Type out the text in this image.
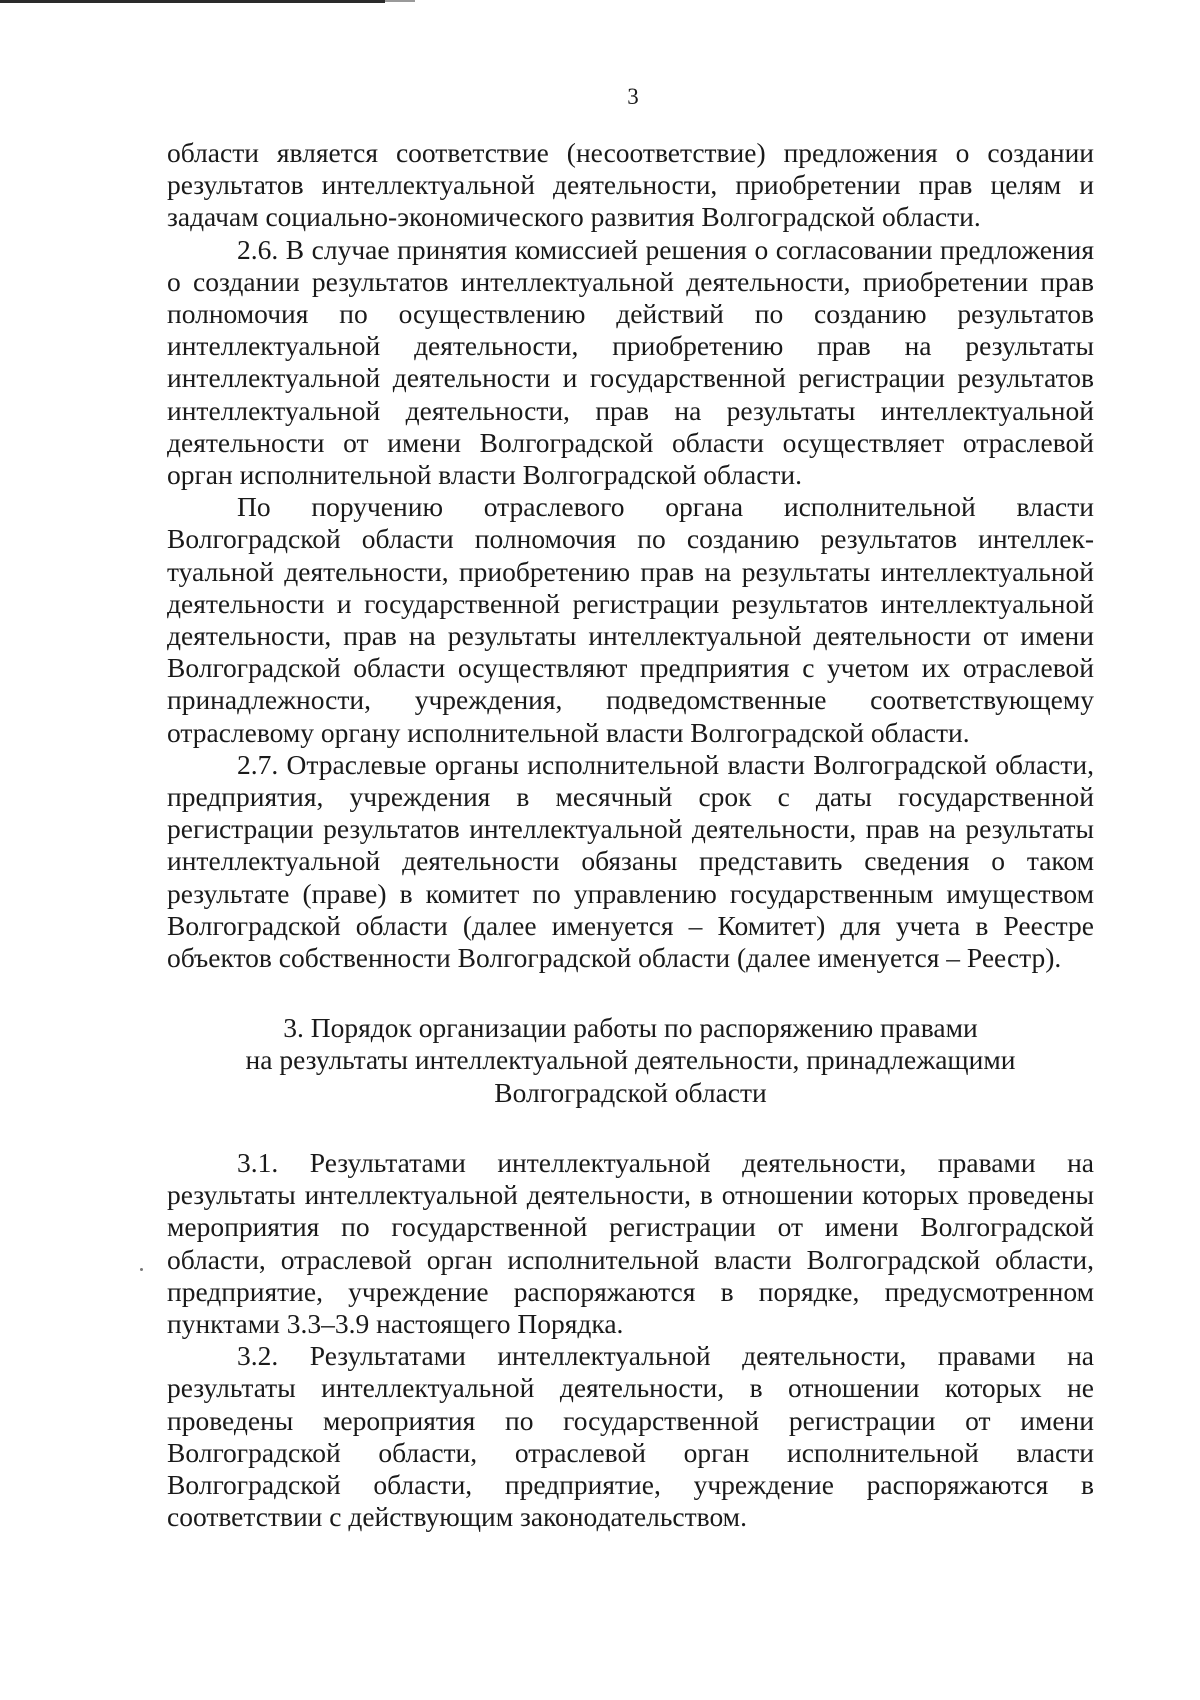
3

области является соответствие (несоответствие) предложения о создании результатов интеллектуальной деятельности, приобретении прав целям и задачам социально-экономического развития Волгоградской области.

2.6. В случае принятия комиссией решения о согласовании предложения о создании результатов интеллектуальной деятельности, приобретении прав полномочия по осуществлению действий по созданию результатов интеллектуальной деятельности, приобретению прав на результаты интеллектуальной деятельности и государственной регистрации результатов интеллектуальной деятельности, прав на результаты интеллектуальной деятельности от имени Волгоградской области осуществляет отраслевой орган исполнительной власти Волгоградской области.

По поручению отраслевого органа исполнительной власти Волгоградской области полномочия по созданию результатов интеллектуальной деятельности, приобретению прав на результаты интеллектуальной деятельности и государственной регистрации результатов интеллектуальной деятельности, прав на результаты интеллектуальной деятельности от имени Волгоградской области осуществляют предприятия с учетом их отраслевой принадлежности, учреждения, подведомственные соответствующему отраслевому органу исполнительной власти Волгоградской области.

2.7. Отраслевые органы исполнительной власти Волгоградской области, предприятия, учреждения в месячный срок с даты государственной регистрации результатов интеллектуальной деятельности, прав на результаты интеллектуальной деятельности обязаны представить сведения о таком результате (праве) в комитет по управлению государственным имуществом Волгоградской области (далее именуется – Комитет) для учета в Реестре объектов собственности Волгоградской области (далее именуется – Реестр).

3. Порядок организации работы по распоряжению правами
на результаты интеллектуальной деятельности, принадлежащими
Волгоградской области

3.1. Результатами интеллектуальной деятельности, правами на результаты интеллектуальной деятельности, в отношении которых проведены мероприятия по государственной регистрации от имени Волгоградской области, отраслевой орган исполнительной власти Волгоградской области, предприятие, учреждение распоряжаются в порядке, предусмотренном пунктами 3.3–3.9 настоящего Порядка.

3.2. Результатами интеллектуальной деятельности, правами на результаты интеллектуальной деятельности, в отношении которых не проведены мероприятия по государственной регистрации от имени Волгоградской области, отраслевой орган исполнительной власти Волгоградской области, предприятие, учреждение распоряжаются в соответствии с действующим законодательством.
